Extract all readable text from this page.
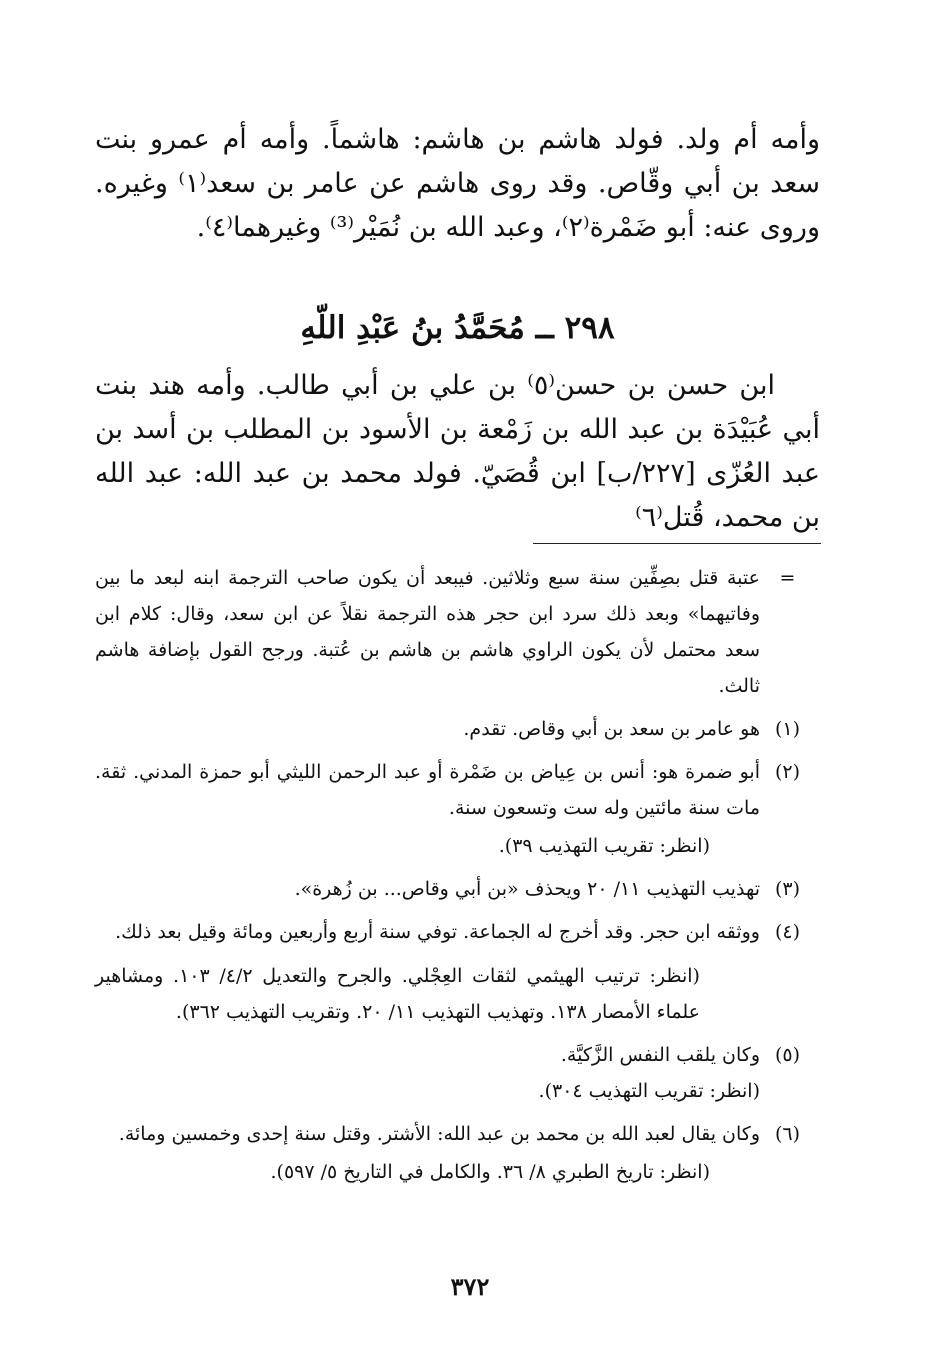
وأمه أم ولد. فولد هاشم بن هاشم: هاشماً. وأمه أم عمرو بنت سعد بن أبي وقّاص. وقد روى هاشم عن عامر بن سعد⁽١⁾ وغيره. وروى عنه: أبو ضَمْرة⁽٢⁾، وعبد الله بن نُمَيْر⁽³⁾ وغيرهما⁽٤⁾.
٢٩٨ ــ مُحَمَّدُ بنُ عَبْدِ اللّهِ
ابن حسن بن حسن⁽٥⁾ بن علي بن أبي طالب. وأمه هند بنت أبي عُبَيْدَة بن عبد الله بن زَمْعة بن الأسود بن المطلب بن أسد بن عبد العُزّى [٢٢٧/ب] ابن قُصَيّ. فولد محمد بن عبد الله: عبد الله بن محمد، قُتل⁽٦⁾
=
عتبة قتل بصِفِّين سنة سبع وثلاثين. فيبعد أن يكون صاحب الترجمة ابنه لبعد ما بين وفاتيهما» وبعد ذلك سرد ابن حجر هذه الترجمة نقلاً عن ابن سعد، وقال: كلام ابن سعد محتمل لأن يكون الراوي هاشم بن هاشم بن عُتبة. ورجح القول بإضافة هاشم ثالث.
(١)
هو عامر بن سعد بن أبي وقاص. تقدم.
(٢)
أبو ضمرة هو: أنس بن عِياض بن ضَمْرة أو عبد الرحمن الليثي أبو حمزة المدني. ثقة. مات سنة مائتين وله ست وتسعون سنة.
(انظر: تقريب التهذيب ٣٩).
(٣)
تهذيب التهذيب ١١/ ٢٠ ويحذف «بن أبي وقاص... بن زُهرة».
(٤)
ووثقه ابن حجر. وقد أخرج له الجماعة. توفي سنة أربع وأربعين ومائة وقيل بعد ذلك.
(انظر: ترتيب الهيثمي لثقات العِجْلي. والجرح والتعديل ٤/٢/ ١٠٣. ومشاهير علماء الأمصار ١٣٨. وتهذيب التهذيب ١١/ ٢٠. وتقريب التهذيب ٣٦٢).
(٥)
وكان يلقب النفس الزَّكيَّة.
(انظر: تقريب التهذيب ٣٠٤).
(٦)
وكان يقال لعبد الله بن محمد بن عبد الله: الأشتر. وقتل سنة إحدى وخمسين ومائة.
(انظر: تاريخ الطبري ٨/ ٣٦. والكامل في التاريخ ٥/ ٥٩٧).
٣٧٢
